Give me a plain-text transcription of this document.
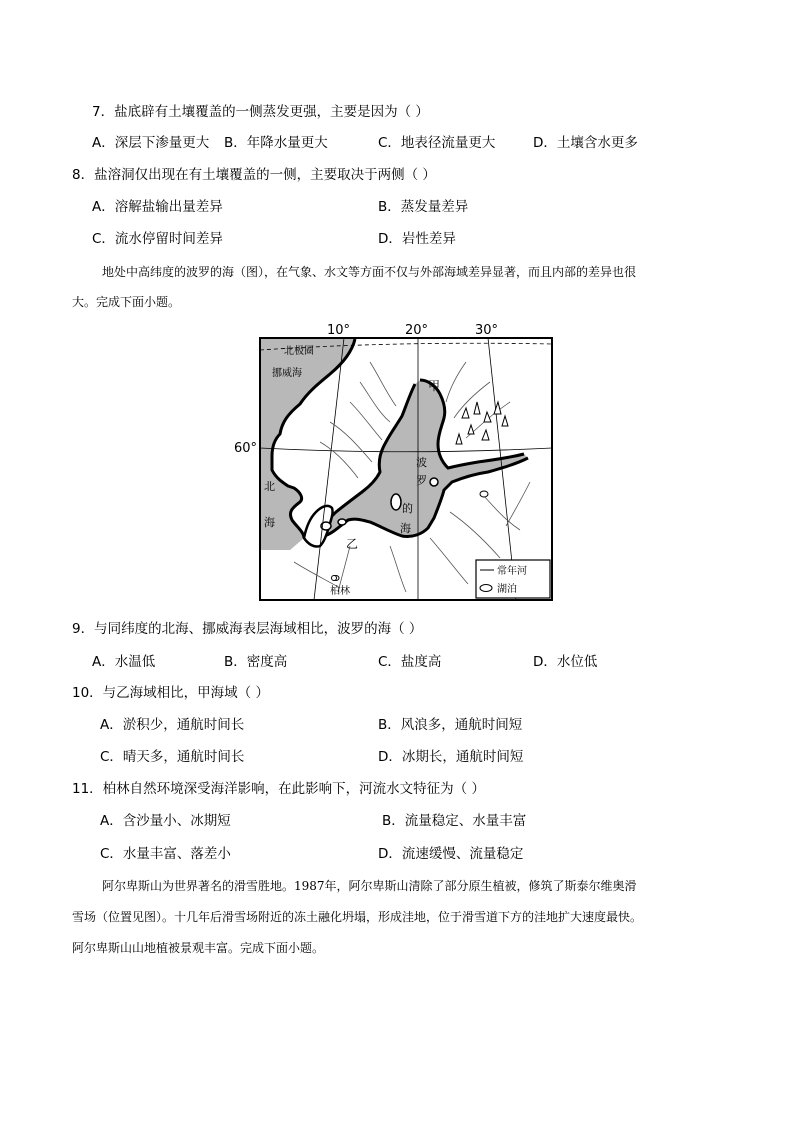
7．盐底辟有土壤覆盖的一侧蒸发更强，主要是因为（ ）
A．深层下渗量更大 B．年降水量更大	C．地表径流量更大	D．土壤含水更多
8．盐溶洞仅出现在有土壤覆盖的一侧，主要取决于两侧（ ）
A．溶解盐输出量差异	B．蒸发量差异
C．流水停留时间差异	D．岩性差异
地处中高纬度的波罗的海（图），在气象、水文等方面不仅与外部海域差异显著，而且内部的差异也很
大。完成下面小题。
常年河
湖泊
10°	20°	30°
60°
北极圈
挪威海
北
海
波
罗
的
海
甲
乙
柏林
9．与同纬度的北海、挪威海表层海域相比，波罗的海（ ）
A．水温低	B．密度高	C．盐度高	D．水位低
10．与乙海域相比，甲海域（ ）
A．淤积少，通航时间长	B．风浪多，通航时间短
C．晴天多，通航时间长	D．冰期长，通航时间短
11．柏林自然环境深受海洋影响，在此影响下，河流水文特征为（ ）
A．含沙量小、冰期短	B．流量稳定、水量丰富
C．水量丰富、落差小	D．流速缓慢、流量稳定
阿尔卑斯山为世界著名的滑雪胜地。1987年，阿尔卑斯山清除了部分原生植被，修筑了斯泰尔维奥滑
雪场（位置见图）。十几年后滑雪场附近的冻土融化坍塌，形成洼地，位于滑雪道下方的洼地扩大速度最快。
阿尔卑斯山山地植被景观丰富。完成下面小题。
